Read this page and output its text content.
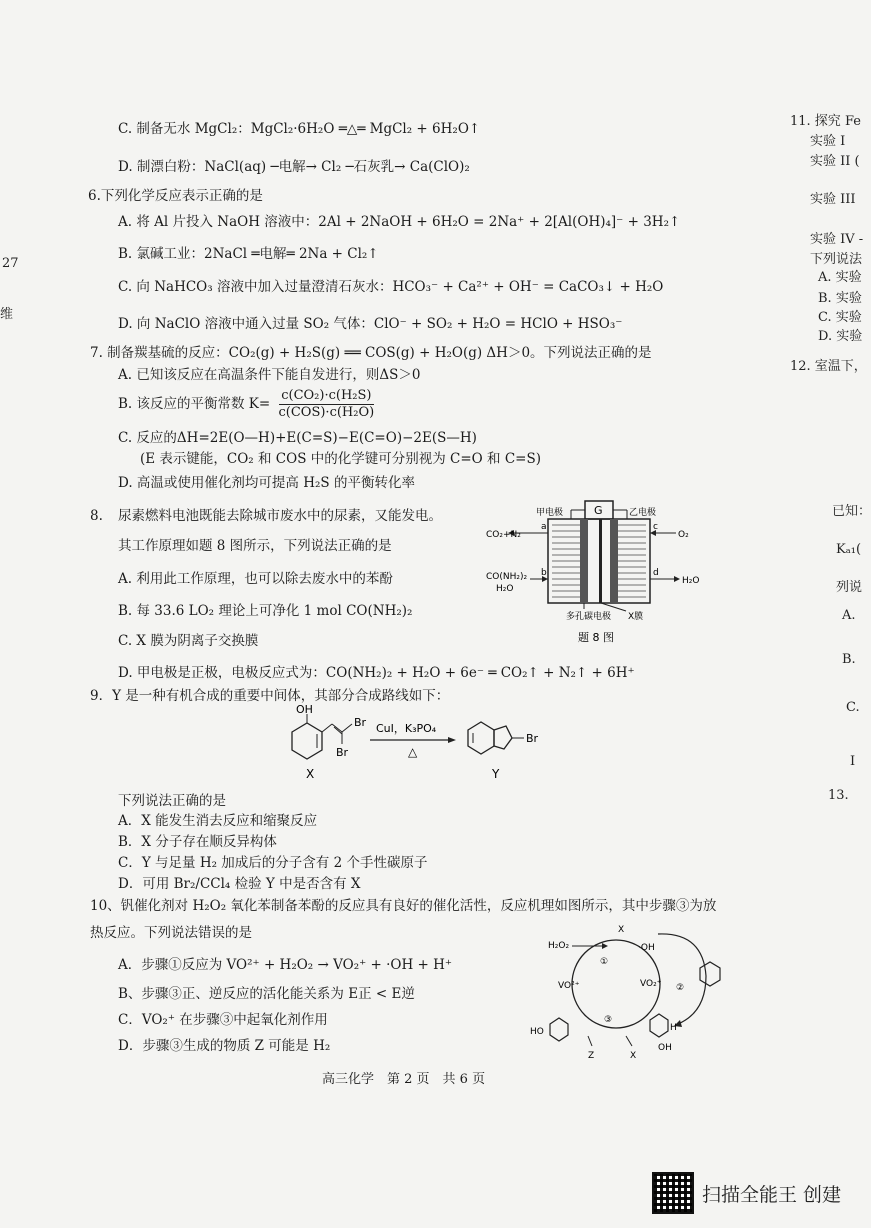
27
维
C. 制备无水 MgCl₂：MgCl₂·6H₂O ═△═ MgCl₂ + 6H₂O↑
D. 制漂白粉：NaCl(aq) ─电解→ Cl₂ ─石灰乳→ Ca(ClO)₂
6.下列化学反应表示正确的是
A. 将 Al 片投入 NaOH 溶液中：2Al + 2NaOH + 6H₂O = 2Na⁺ + 2[Al(OH)₄]⁻ + 3H₂↑
B. 氯碱工业：2NaCl ═电解═ 2Na + Cl₂↑
C. 向 NaHCO₃ 溶液中加入过量澄清石灰水：HCO₃⁻ + Ca²⁺ + OH⁻ = CaCO₃↓ + H₂O
D. 向 NaClO 溶液中通入过量 SO₂ 气体：ClO⁻ + SO₂ + H₂O = HClO + HSO₃⁻
7. 制备羰基硫的反应：CO₂(g) + H₂S(g) ══ COS(g) + H₂O(g) ΔH＞0。下列说法正确的是
A. 已知该反应在高温条件下能自发进行，则ΔS＞0
B. 该反应的平衡常数 $K= \frac{\text{c(CO₂)·c(H₂S)}}{\text{c(COS)·c(H₂O)}}$
C. 反应的ΔH=2E(O—H)+E(C=S)−E(C=O)−2E(S—H)
(E 表示键能，CO₂ 和 COS 中的化学键可分别视为 C=O 和 C=S)
D. 高温或使用催化剂均可提高 H₂S 的平衡转化率
8. 尿素燃料电池既能去除城市废水中的尿素，又能发电。
其工作原理如题 8 图所示，下列说法正确的是
A. 利用此工作原理，也可以除去废水中的苯酚
B. 每 33.6 LO₂ 理论上可净化 1 mol CO(NH₂)₂
C. X 膜为阴离子交换膜
D. 甲电极是正极，电极反应式为：CO(NH₂)₂ + H₂O + 6e⁻ ═ CO₂↑ + N₂↑ + 6H⁺
G
甲电极	乙电极
CO₂+N₂
a
O₂
c
CO(NH₂)₂
H₂O
b
H₂O
d
多孔碳电极 X膜
题 8 图
9．Y 是一种有机合成的重要中间体，其部分合成路线如下：
OH
Br
Br
X
CuI，K₃PO₄
△
Br
Y
下列说法正确的是
A．X 能发生消去反应和缩聚反应
B．X 分子存在顺反异构体
C．Y 与足量 H₂ 加成后的分子含有 2 个手性碳原子
D．可用 Br₂/CCl₄ 检验 Y 中是否含有 X
10、钒催化剂对 H₂O₂ 氧化苯制备苯酚的反应具有良好的催化活性，反应机理如图所示，其中步骤③为放
热反应。下列说法错误的是
A．步骤①反应为 VO²⁺ + H₂O₂ → VO₂⁺ + ·OH + H⁺
B、步骤③正、逆反应的活化能关系为 E正 < E逆
C．VO₂⁺ 在步骤③中起氧化剂作用
D．步骤③生成的物质 Z 可能是 H₂
X
H₂O₂	·OH
①
VO²⁺	VO₂⁺
③
②
HO	H
OH
Z	X
高三化学　第 2 页　共 6 页
11. 探究 Fe
实验 I
实验 II (
实验 III
实验 IV -
下列说法
A. 实验
B. 实验
C. 实验
D. 实验
12. 室温下，
已知：
Kₐ₁(
列说
A.
B.
C.
I
13.
扫描全能王 创建
